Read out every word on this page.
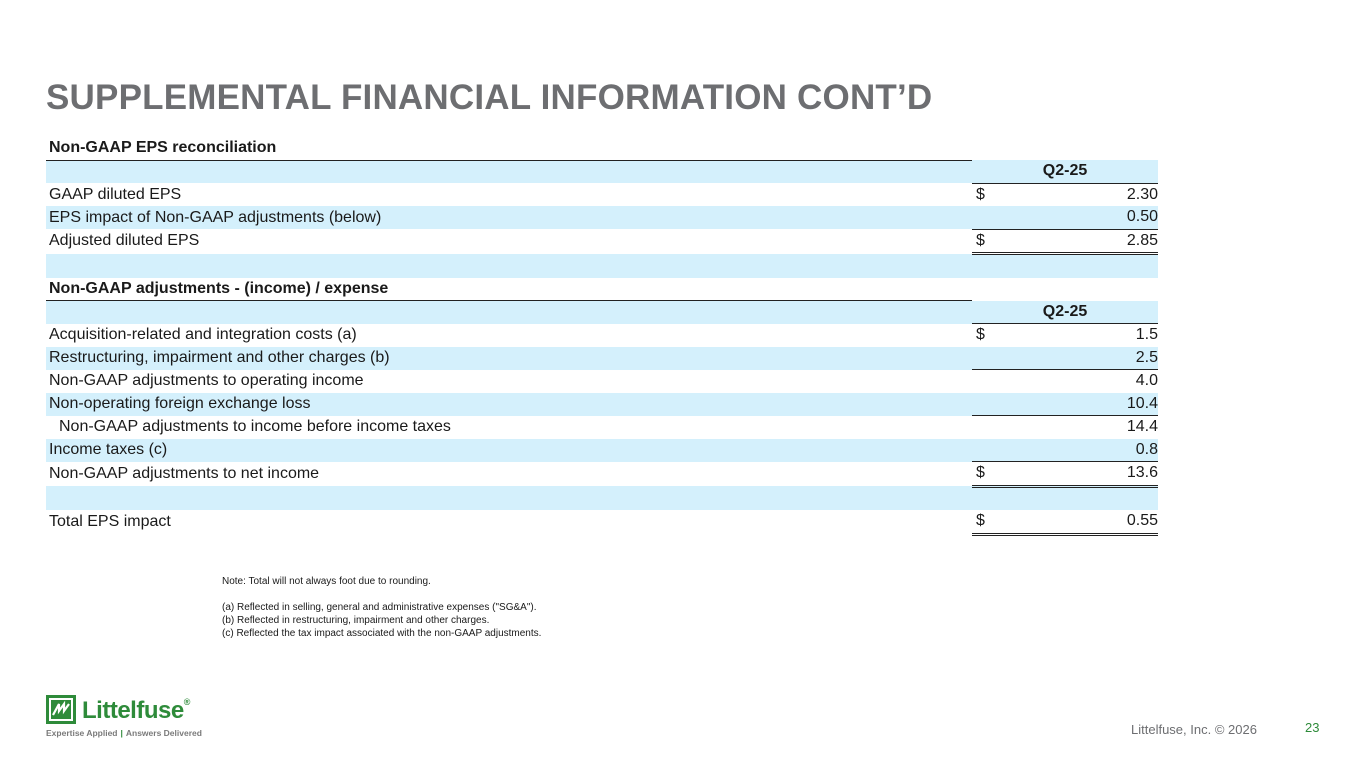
SUPPLEMENTAL FINANCIAL INFORMATION CONT’D
Non-GAAP EPS reconciliation		
	Q2-25	
GAAP diluted EPS	$	2.30
EPS impact of Non-GAAP adjustments (below)		0.50
Adjusted diluted EPS	$	2.85

Non-GAAP adjustments - (income) / expense		
	Q2-25	
Acquisition-related and integration costs (a)	$	1.5
Restructuring, impairment and other charges (b)		2.5
Non-GAAP adjustments to operating income		4.0
Non-operating foreign exchange loss		10.4
Non-GAAP adjustments to income before income taxes		14.4
Income taxes (c)		0.8
Non-GAAP adjustments to net income	$	13.6

Total EPS impact	$	0.55
Note: Total will not always foot due to rounding.
(a) Reflected in selling, general and administrative expenses ("SG&A").
(b) Reflected in restructuring, impairment and other charges.
(c) Reflected the tax impact associated with the non-GAAP adjustments.
Littelfuse®
Expertise Applied | Answers Delivered	Littelfuse, Inc. © 2026	23
